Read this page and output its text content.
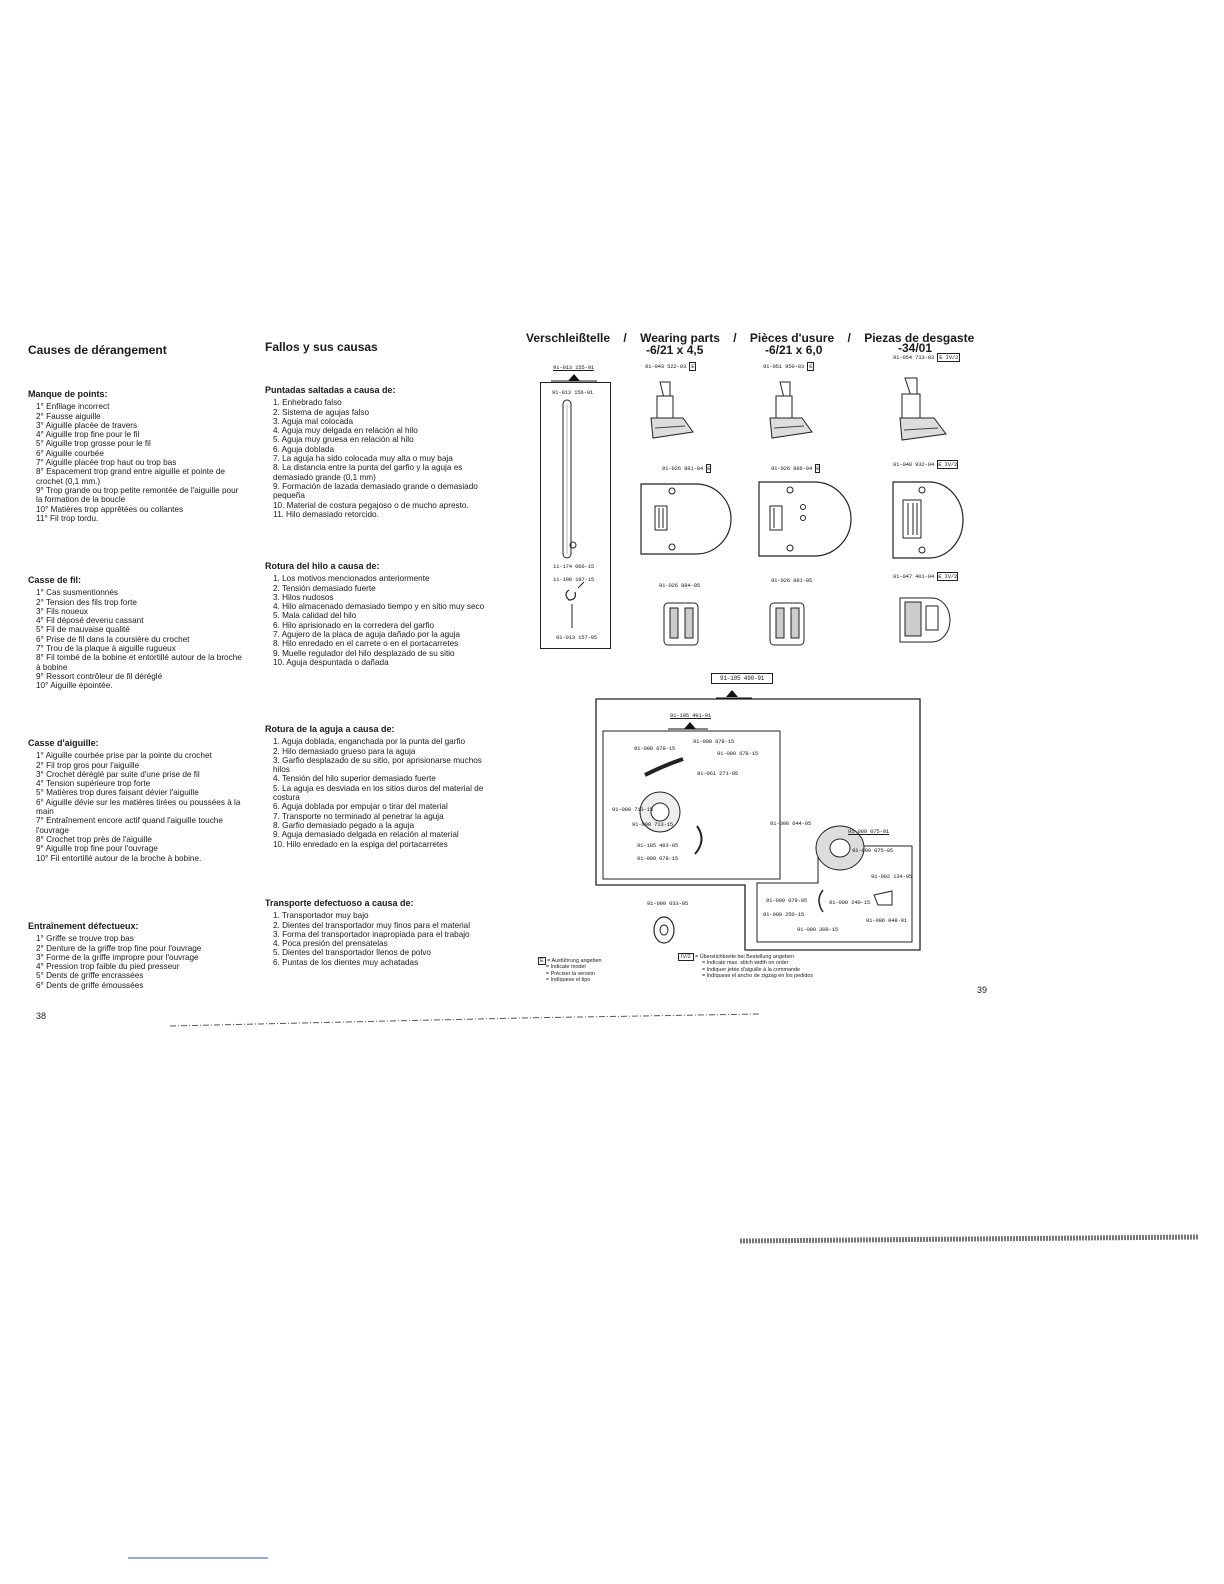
Causes de dérangement
Manque de points:
1° Enfilage incorrect
2° Fausse aiguille
3° Aiguille placée de travers
4° Aiguille trop fine pour le fil
5° Aiguille trop grosse pour le fil
6° Aiguille courbée
7° Aiguille placée trop haut ou trop bas
8° Espacement trop grand entre aiguille et pointe de crochet (0,1 mm.)
9° Trop grande ou trop petite remontée de l'aiguille pour la formation de la boucle
10° Matières trop apprêtées ou collantes
11° Fil trop tordu.
Casse de fil:
1° Cas susmentionnés
2° Tension des fils trop forte
3° Fils noueux
4° Fil déposé devenu cassant
5° Fil de mauvaise qualité
6° Prise de fil dans la coursière du crochet
7° Trou de la plaque à aiguille rugueux
8° Fil tombé de la bobine et entortillé autour de la broche à bobine
9° Ressort contrôleur de fil déréglé
10° Aiguille épointée.
Casse d'aiguille:
1° Aiguille courbée prise par la pointe du crochet
2° Fil trop gros pour l'aiguille
3° Crochet déréglé par suite d'une prise de fil
4° Tension supérieure trop forte
5° Matières trop dures faisant dévier l'aiguille
6° Aiguille dévie sur les matières tirées ou poussées à la main
7° Entraînement encore actif quand l'aiguille touche l'ouvrage
8° Crochet trop près de l'aiguille
9° Aiguille trop fine pour l'ouvrage
10° Fil entortillé autour de la broche à bobine.
Entraînement défectueux:
1° Griffe se trouve trop bas
2° Denture de la griffe trop fine pour l'ouvrage
3° Forme de la griffe impropre pour l'ouvrage
4° Pression trop faible du pied presseur
5° Dents de griffe encrassées
6° Dents de griffe émoussées
Fallos y sus causas
Puntadas saltadas a causa de:
1. Enhebrado falso
2. Sistema de agujas falso
3. Aguja mal colocada
4. Aguja muy delgada en relación al hilo
5. Aguja muy gruesa en relación al hilo
6. Aguja doblada
7. La aguja ha sido colocada muy alta o muy baja
8. La distancia entre la punta del garfio y la aguja es demasiado grande (0,1 mm)
9. Formación de lazada demasiado grande o demasiado pequeña
10. Material de costura pegajoso o de mucho apresto.
11. Hilo demasiado retorcido.
Rotura del hilo a causa de:
1. Los motivos mencionados anteriormente
2. Tensión demasiado fuerte
3. Hilos nudosos
4. Hilo almacenado demasiado tiempo y en sitio muy seco
5. Mala calidad del hilo
6. Hilo aprisionado en la corredera del garfio
7. Agujero de la placa de aguja dañado por la aguja
8. Hilo enredado en el carrete o en el portacarretes
9. Muelle regulador del hilo desplazado de su sitio
10. Aguja despuntada o dañada
Rotura de la aguja a causa de:
1. Aguja doblada, enganchada por la punta del garfio
2. Hilo demasiado grueso para la aguja
3. Garfio desplazado de su sitio, por aprisionarse muchos hilos
4. Tensión del hilo superior demasiado fuerte
5. La aguja es desviada en los sitios duros del material de costura
6. Aguja doblada por empujar o tirar del material
7. Transporte no terminado al penetrar la aguja
8. Garfio demasiado pegado a la aguja
9. Aguja demasiado delgada en relación al material
10. Hilo enredado en la espiga del portacarretes
Transporte defectuoso a causa de:
1. Transportador muy bajo
2. Dientes del transportador muy finos para el material
3. Forma del transportador inapropiada para el trabajo
4. Poca presión del prensatelas
5. Dientes del transportador llenos de polvo
6. Puntas de los dientes muy achatadas
38
Verschleißtelle / Wearing parts / Pièces d'usure / Piezas de desgaste
-6/21 x 4,5
91-043 522-03 E
-6/21 x 6,0
91-051 950-03 E
-34/01
91-054 713-03 E IV/2
91-013 155-91
91-013 156-91
11-174 066-15
11-108 187-15
91-013 157-05
91-026 881-04 E	91-026 886-04 E
91-048 932-04 E IV/2
91-026 884-05
91-026 891-05
91-047 401-04 E IV/2
91-105 490-91
91-105 491-91
91-000 878-15
91-000 678-15
91-000 678-15
91-061 271-05
91-000 713-15
91-000 713-15
91-105 493-05
91-009 078-15
91-008 644-05
91-009 075-91
91-009 075-05
91-002 134-05
91-009 079-05	91-000 240-15
91-000 250-15
91-006 048-01
91-000 309-15
91-009 033-05
E = Ausführung angeben
= Indicate model
= Préciser la version
= Indíquese el tipo
IV/2 = Überstichbreite bei Bestellung angeben
= Indicate max. stitch width on order
= Indiquer jetée d'aiguille à la commande
= Indíquese el ancho de zigzag en los pedidos
39
